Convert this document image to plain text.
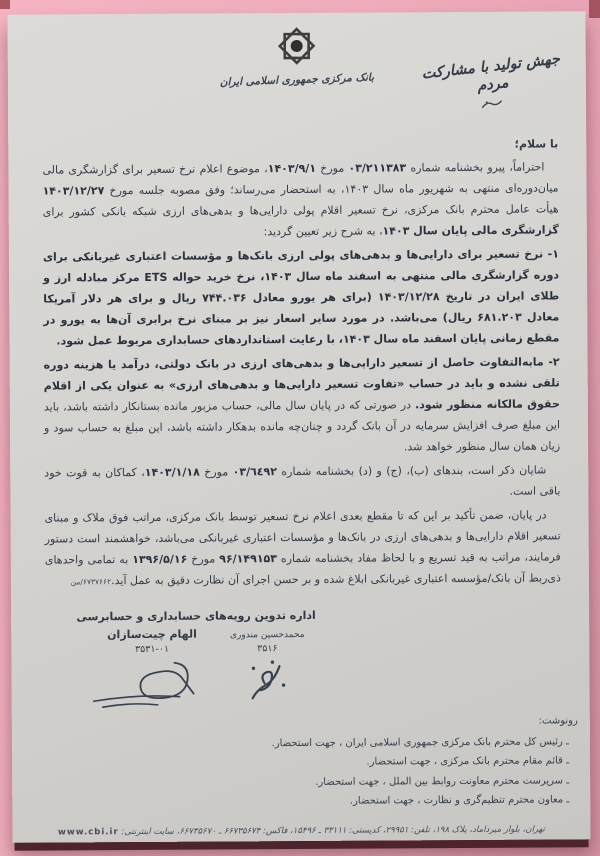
بانک مرکزی جمهوری اسلامی ایران	جهش تولید با مشارکت مردم

با سلام؛

احتراماً، پیرو بخشنامه شماره ۰۳/۲۱۱۳۸۳ مورخ ۱۴۰۳/۹/۱، موضوع اعلام نرخ تسعیر برای گزارشگری مالی میان‌دوره‌ای منتهی به شهریور ماه سال ۱۴۰۳، به استحضار می‌رساند؛ وفق مصوبه جلسه مورخ ۱۴۰۳/۱۲/۲۷ هیأت عامل محترم بانک مرکزی، نرخ تسعیر اقلام پولی دارایی‌ها و بدهی‌های ارزی شبکه بانکی کشور برای گزارشگری مالی پایان سال ۱۴۰۳، به شرح زیر تعیین گردید:

۱- نرخ تسعیر برای دارایی‌ها و بدهی‌های پولی ارزی بانک‌ها و مؤسسات اعتباری غیربانکی برای دوره گزارشگری مالی منتهی به اسفند ماه سال ۱۴۰۳، نرخ خرید حواله ETS مرکز مبادله ارز و طلای ایران در تاریخ ۱۴۰۳/۱۲/۲۸ (برای هر یورو معادل ۷۴۴.۰۳۶ ریال و برای هر دلار آمریکا معادل ۶۸۱.۲۰۳ ریال) می‌باشد. در مورد سایر اسعار نیز بر مبنای نرخ برابری آن‌ها به یورو در مقطع زمانی پایان اسفند ماه سال ۱۴۰۳، با رعایت استانداردهای حسابداری مربوط عمل شود.

۲- مابه‌التفاوت حاصل از تسعیر دارایی‌ها و بدهی‌های ارزی در بانک دولتی، درآمد یا هزینه دوره تلقی نشده و باید در حساب «تفاوت تسعیر دارایی‌ها و بدهی‌های ارزی» به عنوان یکی از اقلام حقوق مالکانه منظور شود. در صورتی که در پایان سال مالی، حساب مزبور مانده بستانکار داشته باشد، باید این مبلغ صرف افزایش سرمایه در آن بانک گردد و چنان‌چه مانده بدهکار داشته باشد، این مبلغ به حساب سود و زیان همان سال منظور خواهد شد.

شایان ذکر است، بندهای (ب)، (ج) و (د) بخشنامه شماره ۰۳/٦٤٩٢ مورخ ۱۴۰۳/۱/۱۸، کماکان به قوت خود باقی است.

در پایان، ضمن تأکید بر این که تا مقطع بعدی اعلام نرخ تسعیر توسط بانک مرکزی، مراتب فوق ملاک و مبنای تسعیر اقلام دارایی‌ها و بدهی‌های ارزی در بانک‌ها و مؤسسات اعتباری غیربانکی می‌باشد، خواهشمند است دستور فرمایند، مراتب به قید تسریع و با لحاظ مفاد بخشنامه شماره ۹۶/۱۴۹۱۵۳ مورخ ۱۳۹۶/۵/۱۶ به تمامی واحدهای ذی‌ربط آن بانک/مؤسسه اعتباری غیربانکی ابلاغ شده و بر حسن اجرای آن نظارت دقیق به عمل آید.۶۷۳۷۶۶۲/من

اداره تدوین رویه‌های حسابداری و حسابرسی
محمدحسین مندوری
۳۵۱۶
الهام چیت‌سازان
۳۵۳۱-۰۱
رونوشت:
ـ رئیس کل محترم بانک مرکزی جمهوری اسلامی ایران ، جهت استحضار.
ـ قائم مقام محترم بانک مرکزی ، جهت استحضار.
ـ سرپرست محترم معاونت روابط بین الملل ، جهت استحضار.
ـ معاون محترم تنظیم‌گری و نظارت ، جهت استحضار.
تهران، بلوار میرداماد، پلاک ۱۹۸، تلفن: ۲۹۹۵۱، کدپستی: ۳۳۱۱۱ ـ ۱۵۴۹۶، فاکس: ۶۶۷۳۵۶۷۴ ـ ۶۶۷۳۵۶۷۰، سایت اینترنتی: www.cbi.ir
